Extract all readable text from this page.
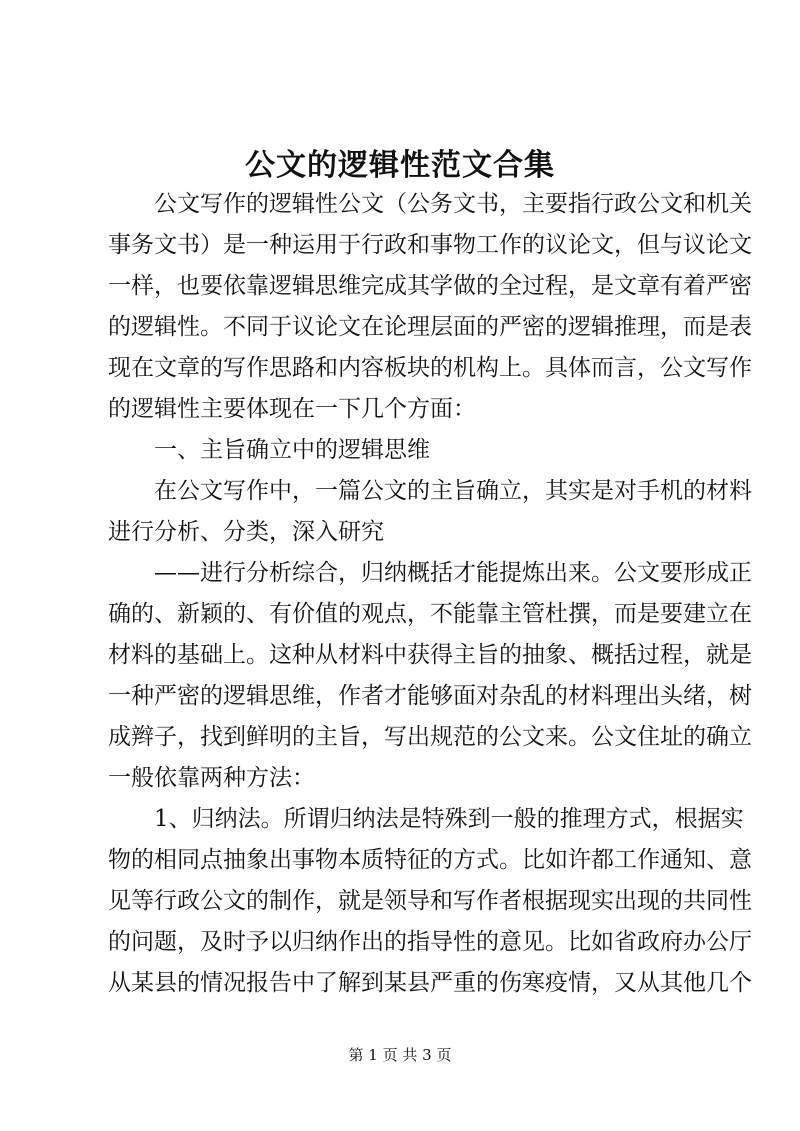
公文的逻辑性范文合集
公文写作的逻辑性公文（公务文书，主要指行政公文和机关
事务文书）是一种运用于行政和事物工作的议论文，但与议论文
一样，也要依靠逻辑思维完成其学做的全过程，是文章有着严密
的逻辑性。不同于议论文在论理层面的严密的逻辑推理，而是表
现在文章的写作思路和内容板块的机构上。具体而言，公文写作
的逻辑性主要体现在一下几个方面：
一、主旨确立中的逻辑思维
在公文写作中，一篇公文的主旨确立，其实是对手机的材料
进行分析、分类，深入研究
——进行分析综合，归纳概括才能提炼出来。公文要形成正
确的、新颖的、有价值的观点，不能靠主管杜撰，而是要建立在
材料的基础上。这种从材料中获得主旨的抽象、概括过程，就是
一种严密的逻辑思维，作者才能够面对杂乱的材料理出头绪，树
成辫子，找到鲜明的主旨，写出规范的公文来。公文住址的确立
一般依靠两种方法：
1、归纳法。所谓归纳法是特殊到一般的推理方式，根据实
物的相同点抽象出事物本质特征的方式。比如许都工作通知、意
见等行政公文的制作，就是领导和写作者根据现实出现的共同性
的问题，及时予以归纳作出的指导性的意见。比如省政府办公厅
从某县的情况报告中了解到某县严重的伤寒疫情，又从其他几个
第 1 页 共 3 页
